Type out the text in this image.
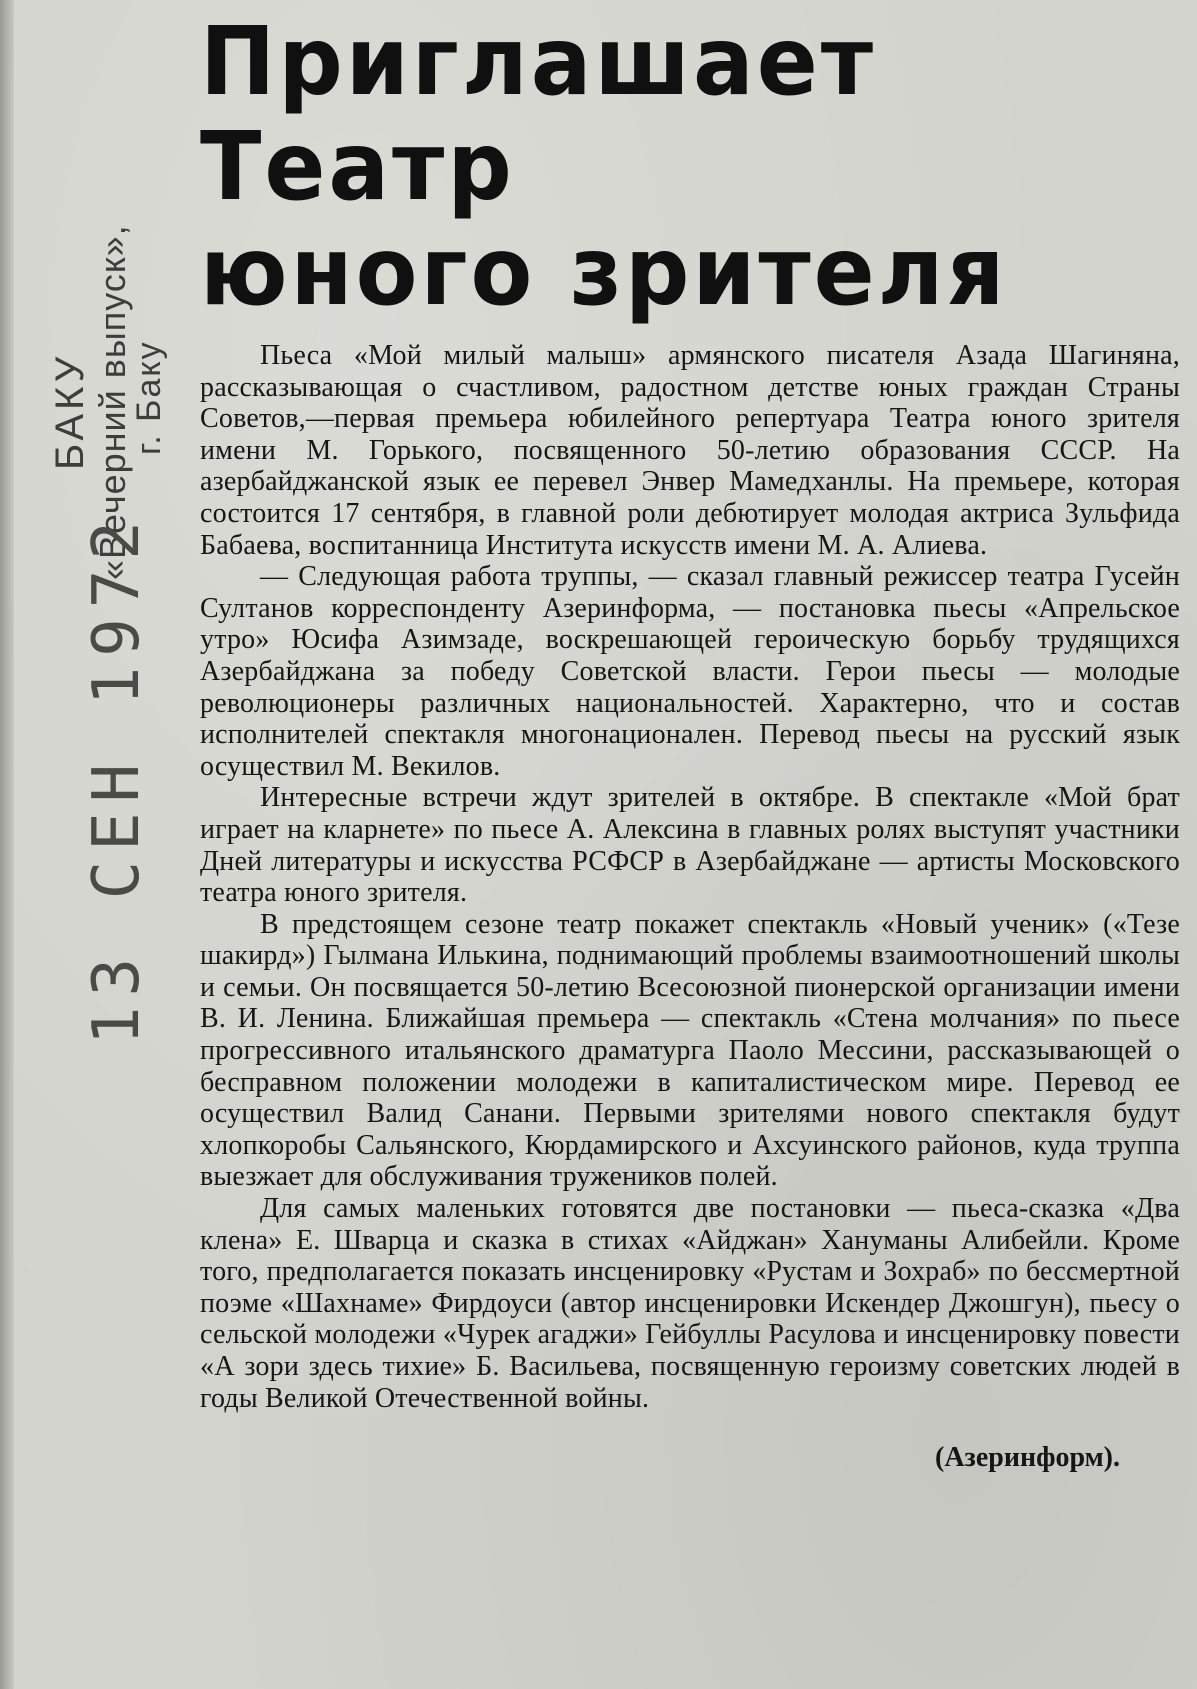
БАКУ «Вечерний выпуск»,
г. Баку
13 СЕН 1972
Приглашает Театр
юного зрителя

Пьеса «Мой милый малыш» армянского писателя Азада Шагиняна, рассказывающая о счастливом, радостном детстве юных граждан Страны Советов,—первая премьера юбилейного репертуара Театра юного зрителя имени М. Горького, посвященного 50-летию образования СССР. На азербайджанской язык ее перевел Энвер Мамедханлы. На премьере, которая состоится 17 сентября, в главной роли дебютирует молодая актриса Зульфида Бабаева, воспитанница Института искусств имени М. А. Алиева.

— Следующая работа труппы, — сказал главный режиссер театра Гусейн Султанов корреспонденту Азеринформа, — постановка пьесы «Апрельское утро» Юсифа Азимзаде, воскрешающей героическую борьбу трудящихся Азербайджана за победу Советской власти. Герои пьесы — молодые революционеры различных национальностей. Характерно, что и состав исполнителей спектакля многонационален. Перевод пьесы на русский язык осуществил М. Векилов.

Интересные встречи ждут зрителей в октябре. В спектакле «Мой брат играет на кларнете» по пьесе А. Алексина в главных ролях выступят участники Дней литературы и искусства РСФСР в Азербайджане — артисты Московского театра юного зрителя.

В предстоящем сезоне театр покажет спектакль «Новый ученик» («Тезе шакирд») Гылмана Илькина, поднимающий проблемы взаимоотношений школы и семьи. Он посвящается 50-летию Всесоюзной пионерской организации имени В. И. Ленина. Ближайшая премьера — спектакль «Стена молчания» по пьесе прогрессивного итальянского драматурга Паоло Мессини, рассказывающей о бесправном положении молодежи в капиталистическом мире. Перевод ее осуществил Валид Санани. Первыми зрителями нового спектакля будут хлопкоробы Сальянского, Кюрдамирского и Ахсуинского районов, куда труппа выезжает для обслуживания тружеников полей.

Для самых маленьких готовятся две постановки — пьеса-сказка «Два клена» Е. Шварца и сказка в стихах «Айджан» Хануманы Алибейли. Кроме того, предполагается показать инсценировку «Рустам и Зохраб» по бессмертной поэме «Шахнаме» Фирдоуси (автор инсценировки Искендер Джошгун), пьесу о сельской молодежи «Чурек агаджи» Гейбуллы Расулова и инсценировку повести «А зори здесь тихие» Б. Васильева, посвященную героизму советских людей в годы Великой Отечественной войны.

(Азеринформ).
